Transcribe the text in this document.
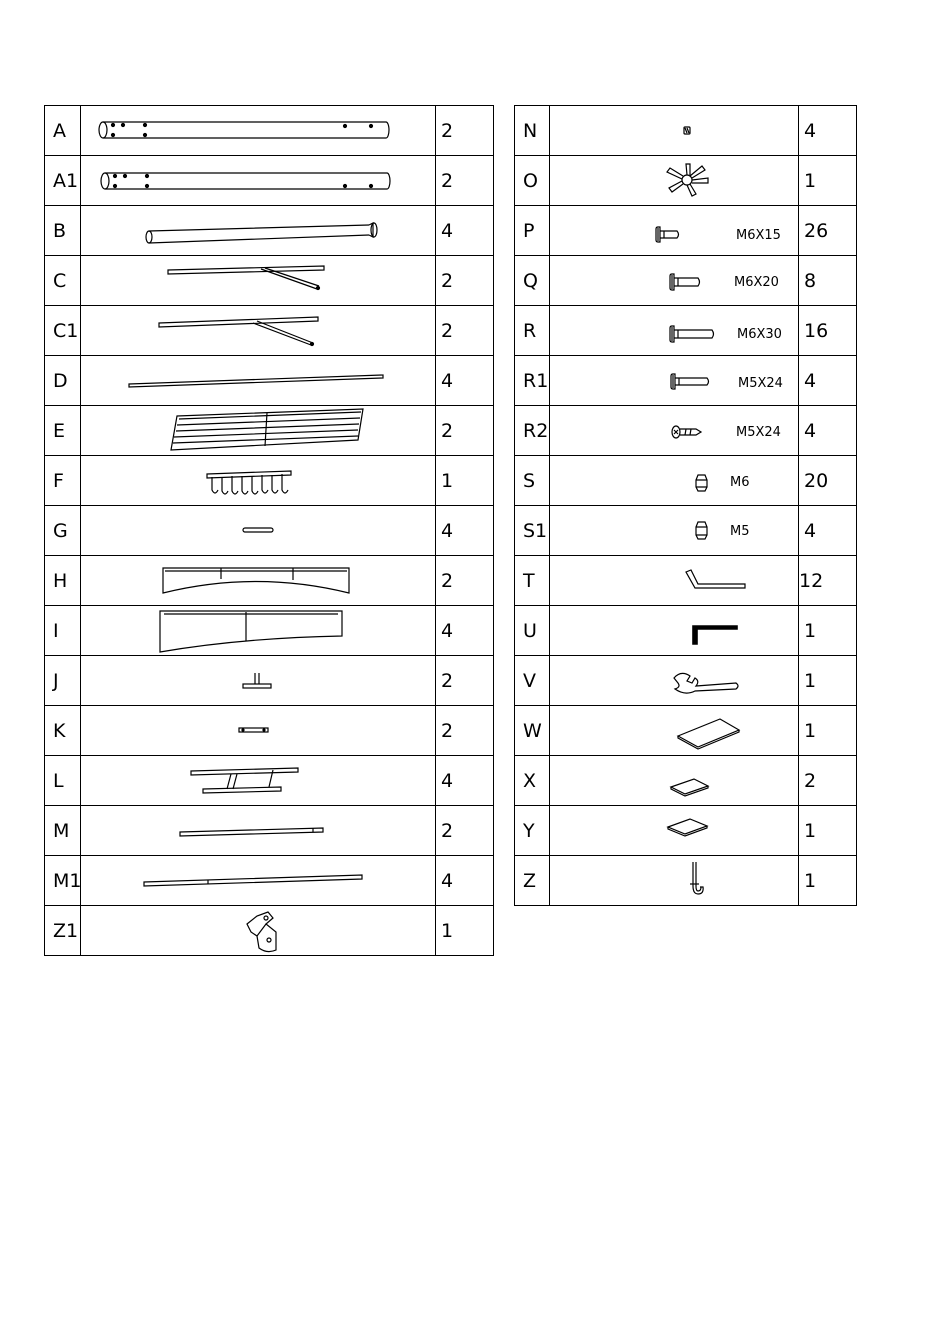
A		2
A1		2
B		4
C		2
C1		2
D		4
E		2
F		1
G		4
H		2
I		4
J		2
K		2
L		4
M		2
M1		4
Z1		1
N		4
O		1
P	M6X15	26
Q	M6X20	8
R	M6X30	16
R1	M5X24	4
R2	M5X24	4
S	M6	20
S1	M5	4
T		12
U		1
V		1
W		1
X		2
Y		1
Z		1
